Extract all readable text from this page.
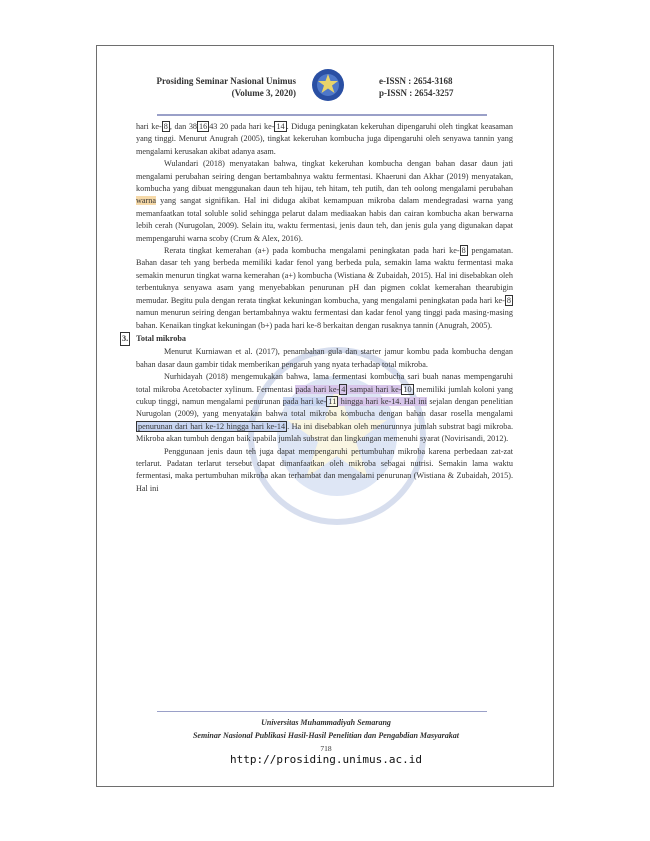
Prosiding Seminar Nasional Unimus
(Volume 3, 2020)
e-ISSN : 2654-3168
p-ISSN : 2654-3257

hari ke- 8 , dan 38 16 43 20 pada hari ke- 14 . Diduga peningkatan kekeruhan dipengaruhi oleh tingkat keasaman yang tinggi. Menurut Anugrah (2005), tingkat kekeruhan kombucha juga dipengaruhi oleh senyawa tannin yang mengalami kerusakan akibat adanya asam.

Wulandari (2018) menyatakan bahwa, tingkat kekeruhan kombucha dengan bahan dasar daun jati mengalami perubahan seiring dengan bertambahnya waktu fermentasi. Khaeruni dan Akhar (2019) menyatakan, kombucha yang dibuat menggunakan daun teh hijau, teh hitam, teh putih, dan teh oolong mengalami perubahan warna yang sangat signifikan. Hal ini diduga akibat kemampuan mikroba dalam mendegradasi warna yang memanfaatkan total soluble solid sehingga pelarut dalam mediaakan habis dan cairan kombucha akan berwarna lebih cerah (Nurugolan, 2009). Selain itu, waktu fermentasi, jenis daun teh, dan jenis gula yang digunakan dapat mempengaruhi warna scoby (Crum & Alex, 2016).

Rerata tingkat kemerahan (a+) pada kombucha mengalami peningkatan pada hari ke- 8 pengamatan. Bahan dasar teh yang berbeda memiliki kadar fenol yang berbeda pula, semakin lama waktu fermentasi maka semakin menurun tingkat warna kemerahan (a+) kombucha (Wistiana & Zubaidah, 2015). Hal ini disebabkan oleh terbentuknya senyawa asam yang menyebabkan penurunan pH dan pigmen coklat kemerahan thearubigin memudar. Begitu pula dengan rerata tingkat kekuningan kombucha, yang mengalami peningkatan pada hari ke- 8 namun menurun seiring dengan bertambahnya waktu fermentasi dan kadar fenol yang tinggi pada masing-masing bahan. Kenaikan tingkat kekuningan (b+) pada hari ke-8 berkaitan dengan rusaknya tannin (Anugrah, 2005).

3. Total mikroba

Menurut Kurniawan et al. (2017), penambahan gula dan starter jamur kombu pada kombucha dengan bahan dasar daun gambir tidak memberikan pengaruh yang nyata terhadap total mikroba.

Nurhidayah (2018) mengemukakan bahwa, lama fermentasi kombucha sari buah nanas mempengaruhi total mikroba Acetobacter xylinum. Fermentasi pada hari ke- 4 sampai hari ke- 10 memiliki jumlah koloni yang cukup tinggi, namun mengalami penurunan pada hari ke- 11 hingga hari ke-14. Hal ini sejalan dengan penelitian Nurugolan (2009), yang menyatakan bahwa total mikroba kombucha dengan bahan dasar rosella mengalami penurunan dari hari ke-12 hingga hari ke-14 . Ha ini disebabkan oleh menurunnya jumlah substrat bagi mikroba. Mikroba akan tumbuh dengan baik apabila jumlah substrat dan lingkungan memenuhi syarat (Novirisandi, 2012).

Penggunaan jenis daun teh juga dapat mempengaruhi pertumbuhan mikroba karena perbedaan zat-zat terlarut. Padatan terlarut tersebut dapat dimanfaatkan oleh mikroba sebagai nutrisi. Semakin lama waktu fermentasi, maka pertumbuhan mikroba akan terhambat dan mengalami penurunan (Wistiana & Zubaidah, 2015). Hal ini

Universitas Muhammadiyah Semarang
Seminar Nasional Publikasi Hasil-Hasil Penelitian dan Pengabdian Masyarakat
718
http://prosiding.unimus.ac.id
